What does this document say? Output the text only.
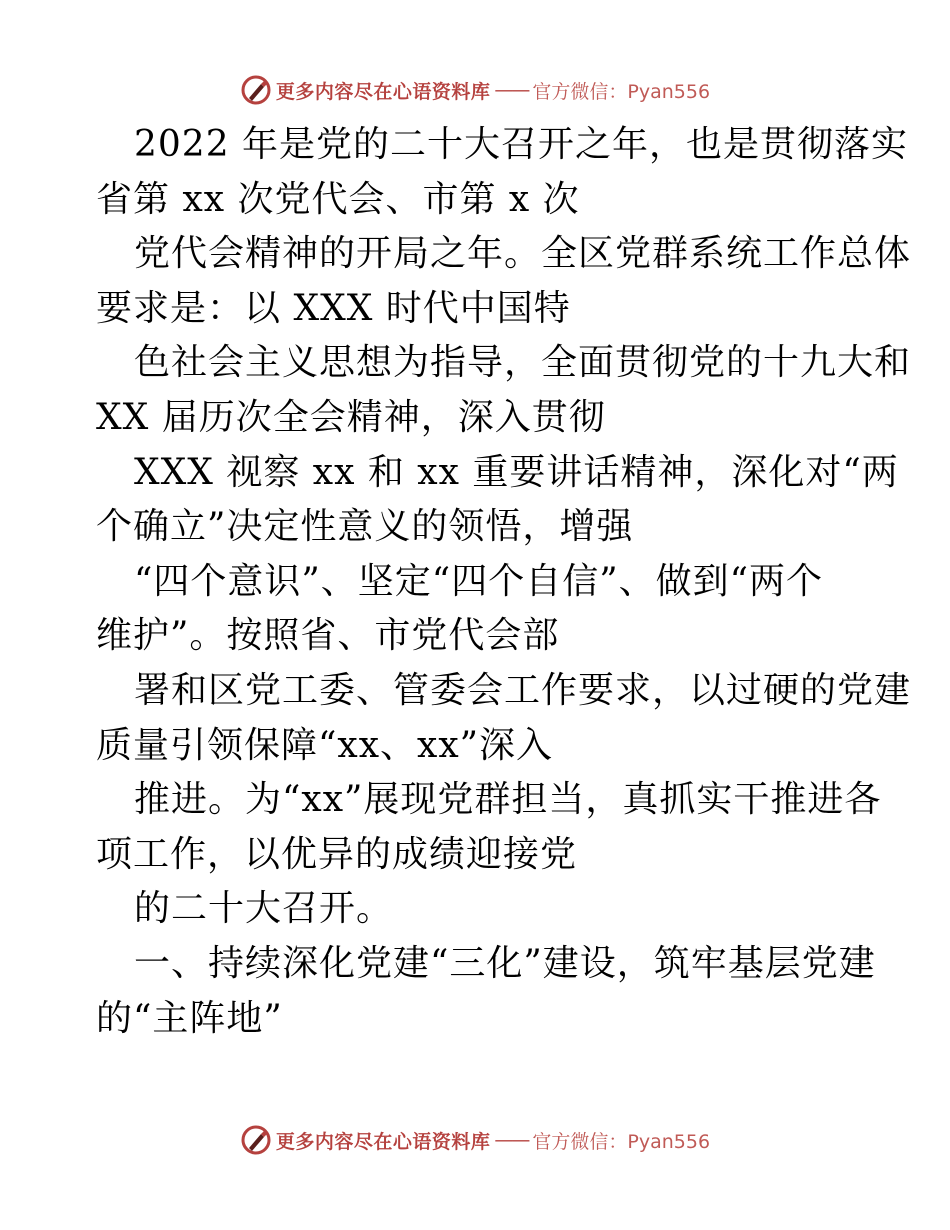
更多内容尽在心语资料库 —— 官方微信：Pyan556
2022 年是党的二十大召开之年，也是贯彻落实
省第 xx 次党代会、市第 x 次
党代会精神的开局之年。全区党群系统工作总体
要求是：以 XXX 时代中国特
色社会主义思想为指导，全面贯彻党的十九大和
XX 届历次全会精神，深入贯彻
XXX 视察 xx 和 xx 重要讲话精神，深化对“两
个确立”决定性意义的领悟，增强
“四个意识”、坚定“四个自信”、做到“两个
维护”。按照省、市党代会部
署和区党工委、管委会工作要求，以过硬的党建
质量引领保障“xx、xx”深入
推进。为“xx”展现党群担当，真抓实干推进各
项工作，以优异的成绩迎接党
的二十大召开。
一、持续深化党建“三化”建设，筑牢基层党建
的“主阵地”
更多内容尽在心语资料库 —— 官方微信：Pyan556
